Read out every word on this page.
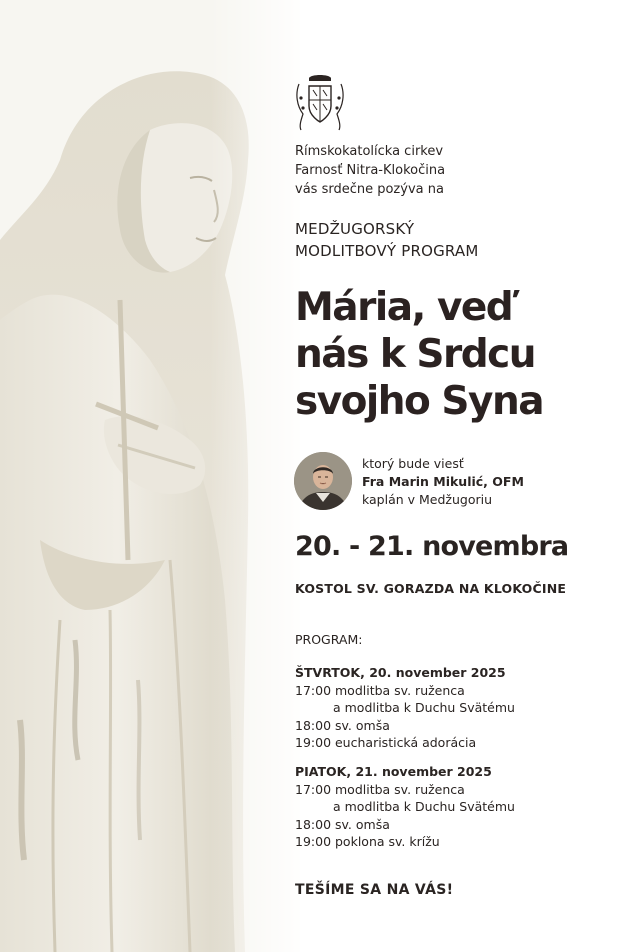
Rímskokatolícka cirkev
Farnosť Nitra-Klokočina
vás srdečne pozýva na
MEDŽUGORSKÝ
MODLITBOVÝ PROGRAM
Mária, veď
nás k Srdcu
svojho Syna
ktorý bude viesť
Fra Marin Mikulić, OFM
kaplán v Medžugoriu
20. - 21. novembra
KOSTOL SV. GORAZDA NA KLOKOČINE
PROGRAM:
ŠTVRTOK, 20. november 2025
17:00 modlitba sv. ruženca
a modlitba k Duchu Svätému
18:00 sv. omša
19:00 eucharistická adorácia
PIATOK, 21. november 2025
17:00 modlitba sv. ruženca
a modlitba k Duchu Svätému
18:00 sv. omša
19:00 poklona sv. krížu
TEŠÍME SA NA VÁS!
